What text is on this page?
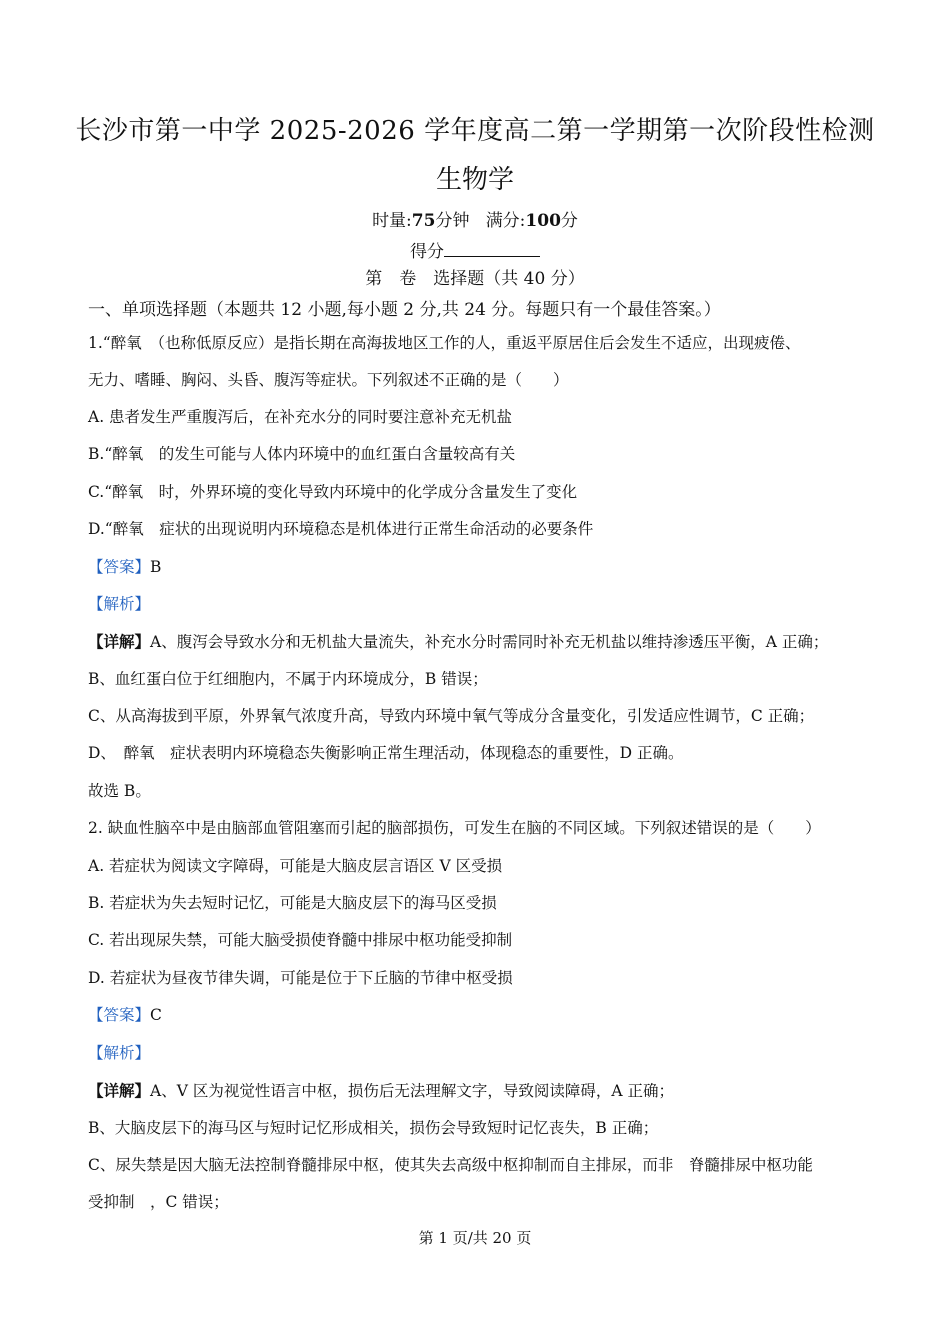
长沙市第一中学 2025-2026 学年度高二第一学期第一次阶段性检测
生物学
时量:75分钟 满分:100分
得分
第　卷　选择题（共 40 分）
一、单项选择题（本题共 12 小题,每小题 2 分,共 24 分。每题只有一个最佳答案。）
1.“醉氧　（也称低原反应）是指长期在高海拔地区工作的人，重返平原居住后会发生不适应，出现疲倦、
无力、嗜睡、胸闷、头昏、腹泻等症状。下列叙述不正确的是（　　）
A. 患者发生严重腹泻后，在补充水分的同时要注意补充无机盐
B.“醉氧　的发生可能与人体内环境中的血红蛋白含量较高有关
C.“醉氧　时，外界环境的变化导致内环境中的化学成分含量发生了变化
D.“醉氧　症状的出现说明内环境稳态是机体进行正常生命活动的必要条件
【答案】B
【解析】
【详解】A、腹泻会导致水分和无机盐大量流失，补充水分时需同时补充无机盐以维持渗透压平衡，A 正确；
B、血红蛋白位于红细胞内，不属于内环境成分，B 错误；
C、从高海拔到平原，外界氧气浓度升高，导致内环境中氧气等成分含量变化，引发适应性调节，C 正确；
D、　醉氧　症状表明内环境稳态失衡影响正常生理活动，体现稳态的重要性，D 正确。
故选 B。
2. 缺血性脑卒中是由脑部血管阻塞而引起的脑部损伤，可发生在脑的不同区域。下列叙述错误的是（　　）
A. 若症状为阅读文字障碍，可能是大脑皮层言语区 V 区受损
B. 若症状为失去短时记忆，可能是大脑皮层下的海马区受损
C. 若出现尿失禁，可能大脑受损使脊髓中排尿中枢功能受抑制
D. 若症状为昼夜节律失调，可能是位于下丘脑的节律中枢受损
【答案】C
【解析】
【详解】A、V 区为视觉性语言中枢，损伤后无法理解文字，导致阅读障碍，A 正确；
B、大脑皮层下的海马区与短时记忆形成相关，损伤会导致短时记忆丧失，B 正确；
C、尿失禁是因大脑无法控制脊髓排尿中枢，使其失去高级中枢抑制而自主排尿，而非　脊髓排尿中枢功能
受抑制　，C 错误；
第 1 页/共 20 页
